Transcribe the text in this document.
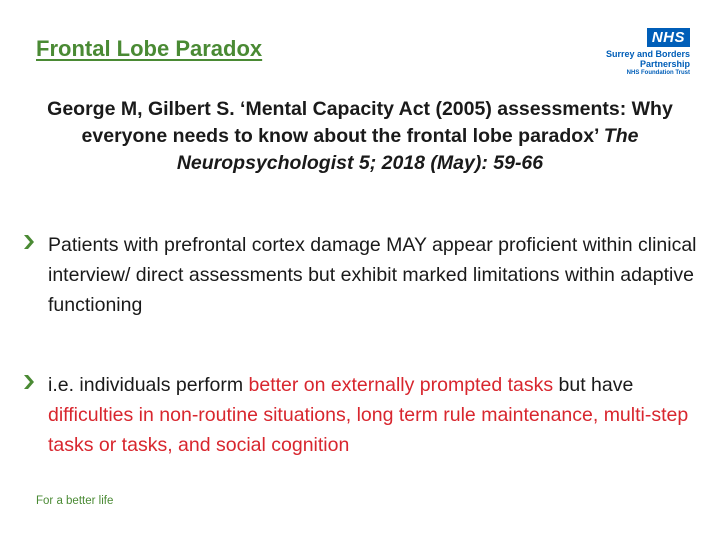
Frontal Lobe Paradox	NHS
Surrey and Borders
Partnership
NHS Foundation Trust

George M, Gilbert S. ‘Mental Capacity Act (2005) assessments: Why everyone needs to know about the frontal lobe paradox’ The Neuropsychologist 5; 2018 (May): 59-66

Patients with prefrontal cortex damage MAY appear proficient within clinical interview/ direct assessments but exhibit marked limitations within adaptive functioning
i.e. individuals perform better on externally prompted tasks but have difficulties in non-routine situations, long term rule maintenance, multi-step tasks or tasks, and social cognition
For a better life
